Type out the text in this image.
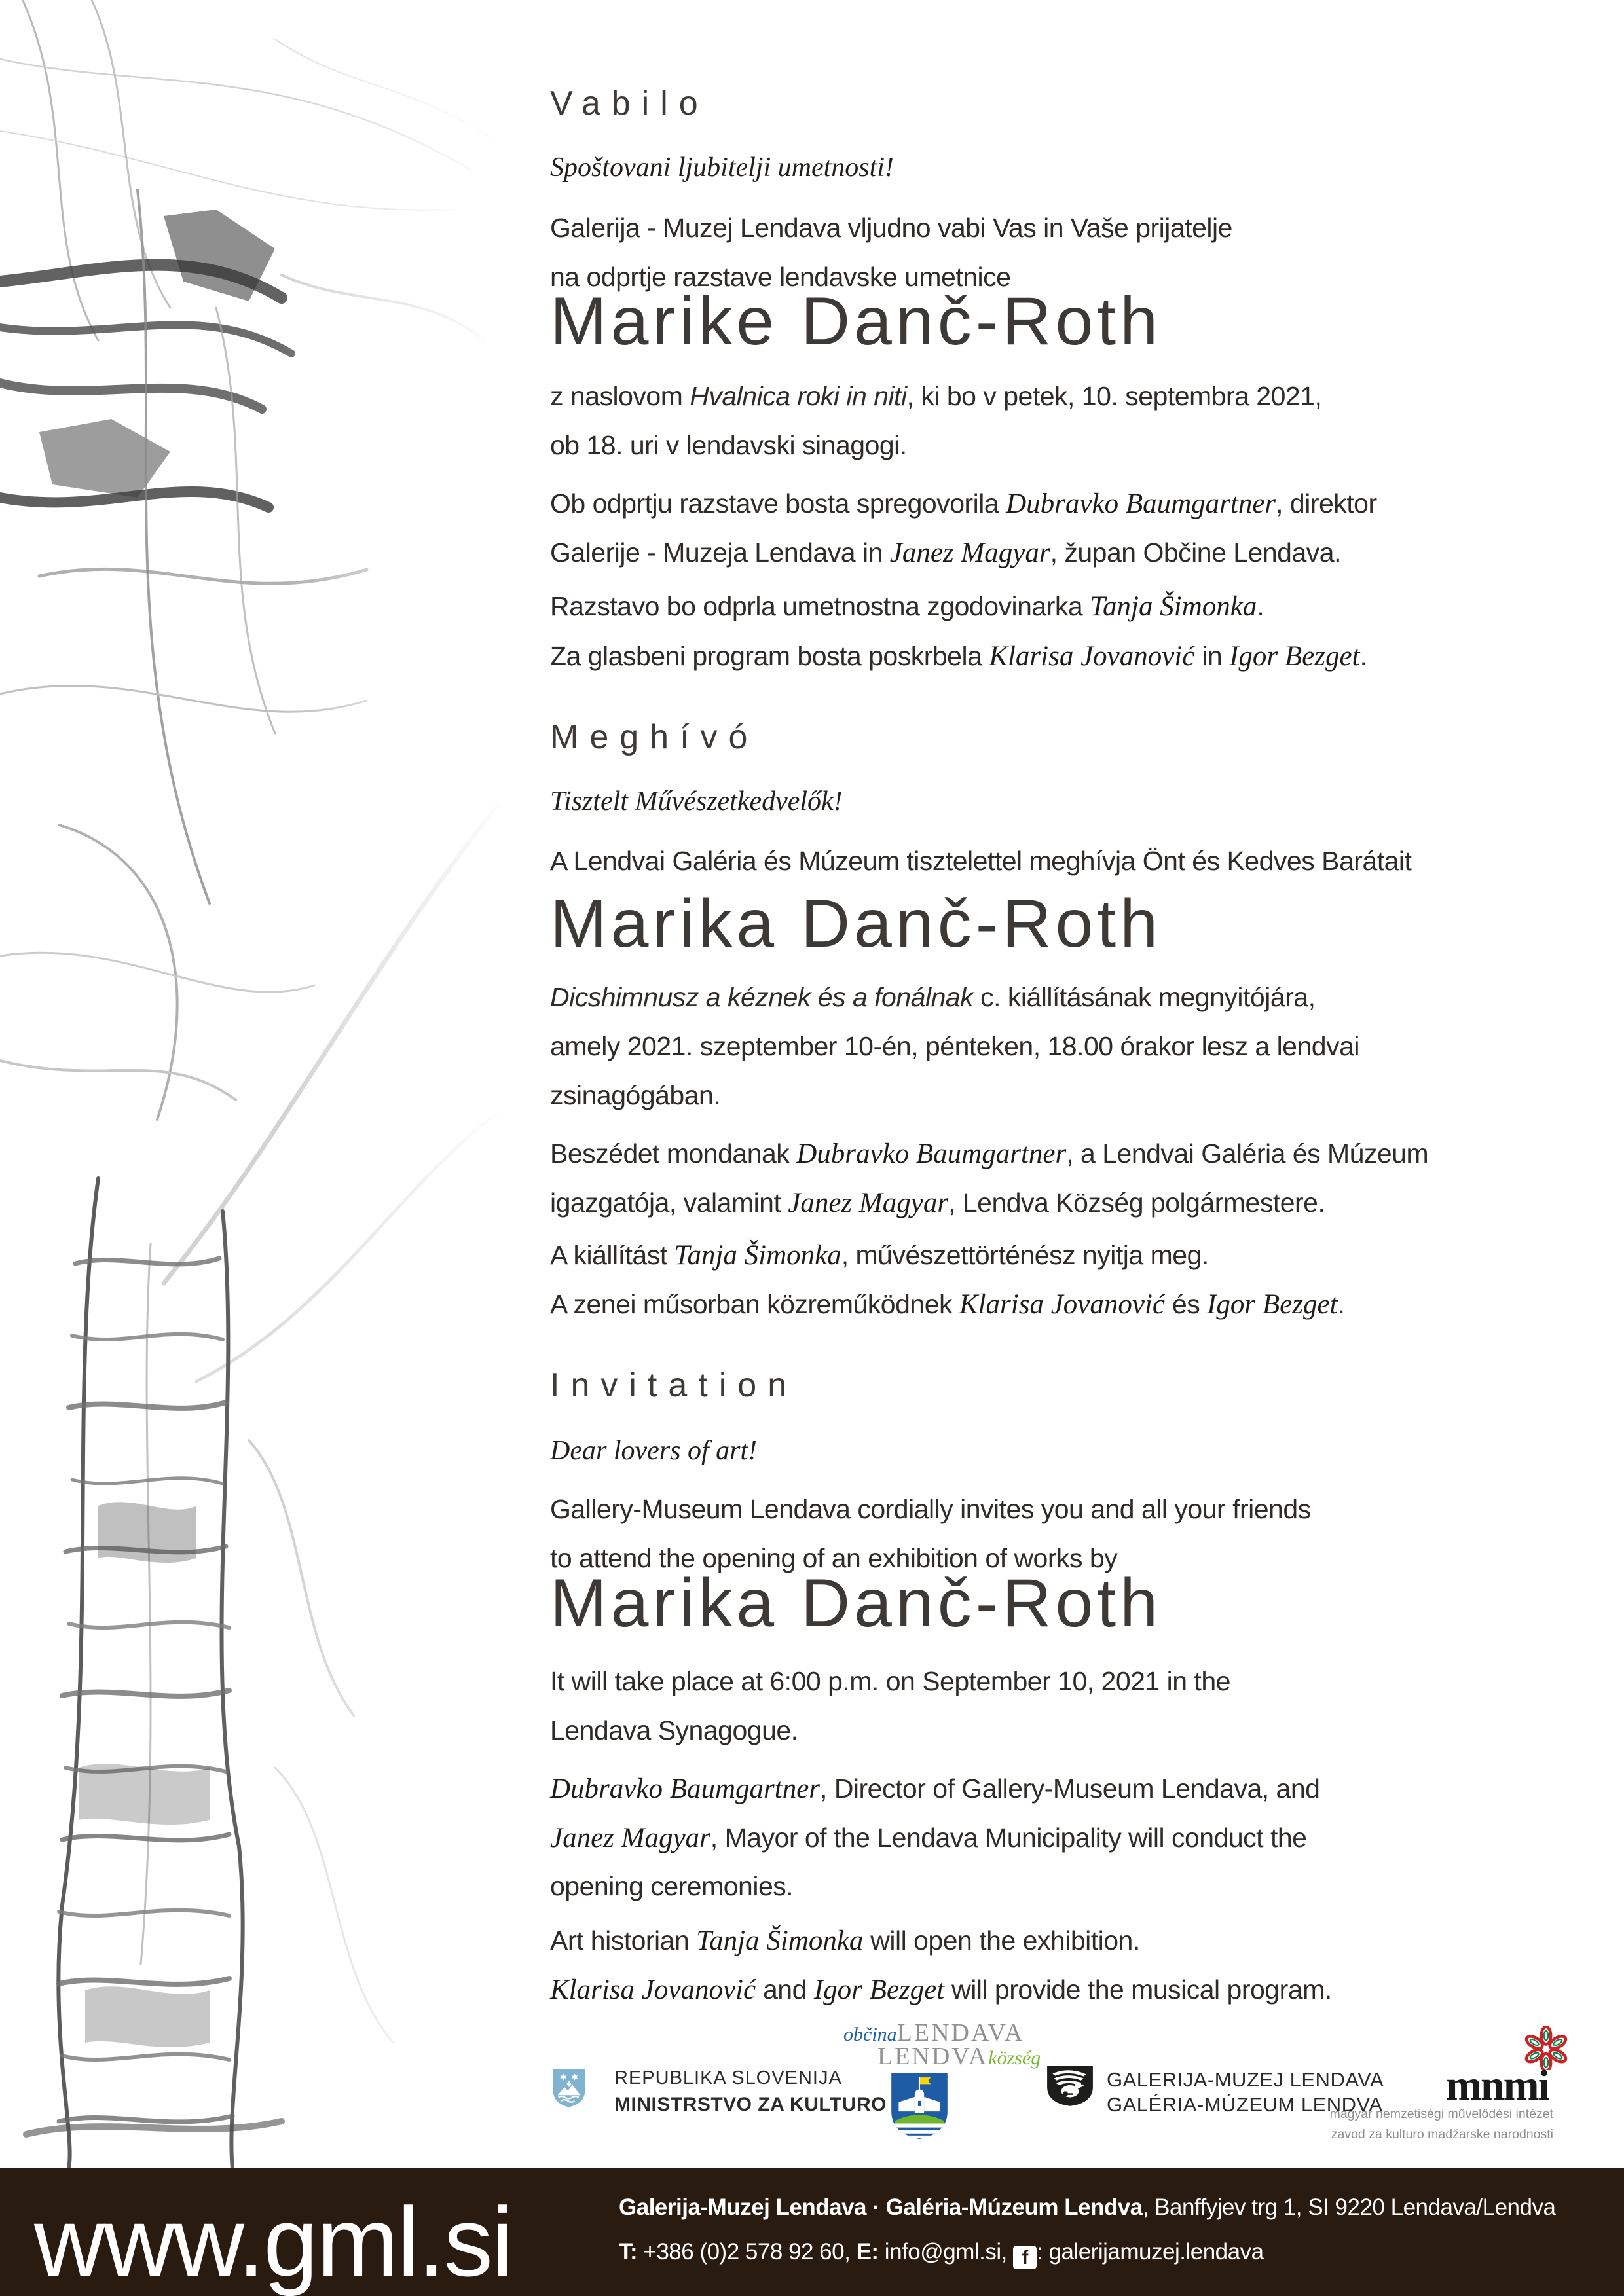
Vabilo
Spoštovani ljubitelji umetnosti!
Galerija - Muzej Lendava vljudno vabi Vas in Vaše prijatelje
na odprtje razstave lendavske umetnice
Marike Danč-Roth
z naslovom Hvalnica roki in niti, ki bo v petek, 10. septembra 2021,
ob 18. uri v lendavski sinagogi.
Ob odprtju razstave bosta spregovorila Dubravko Baumgartner, direktor
Galerije - Muzeja Lendava in Janez Magyar, župan Občine Lendava.
Razstavo bo odprla umetnostna zgodovinarka Tanja Šimonka.
Za glasbeni program bosta poskrbela Klarisa Jovanović in Igor Bezget.
Meghívó
Tisztelt Művészetkedvelők!
A Lendvai Galéria és Múzeum tisztelettel meghívja Önt és Kedves Barátait
Marika Danč-Roth
Dicshimnusz a kéznek és a fonálnak c. kiállításának megnyitójára,
amely 2021. szeptember 10-én, pénteken, 18.00 órakor lesz a lendvai
zsinagógában.
Beszédet mondanak Dubravko Baumgartner, a Lendvai Galéria és Múzeum
igazgatója, valamint Janez Magyar, Lendva Község polgármestere.
A kiállítást Tanja Šimonka, művészettörténész nyitja meg.
A zenei műsorban közreműködnek Klarisa Jovanović és Igor Bezget.
Invitation
Dear lovers of art!
Gallery-Museum Lendava cordially invites you and all your friends
to attend the opening of an exhibition of works by
Marika Danč-Roth
It will take place at 6:00 p.m. on September 10, 2021 in the
Lendava Synagogue.
Dubravko Baumgartner, Director of Gallery-Museum Lendava, and
Janez Magyar, Mayor of the Lendava Municipality will conduct the
opening ceremonies.
Art historian Tanja Šimonka will open the exhibition.
Klarisa Jovanović and Igor Bezget will provide the musical program.
REPUBLIKA SLOVENIJA
MINISTRSTVO ZA KULTURO
občinaLENDAVA
LENDVAközség
GALERIJA-MUZEJ LENDAVA
GALÉRIA-MÚZEUM LENDVA mnmi
magyar nemzetiségi művelődési intézet
zavod za kulturo madžarske narodnosti
www.gml.si	Galerija-Muzej Lendava · Galéria-Múzeum Lendva, Banffyjev trg 1, SI 9220 Lendava/Lendva
T: +386 (0)2 578 92 60, E: info@gml.si, f : galerijamuzej.lendava
